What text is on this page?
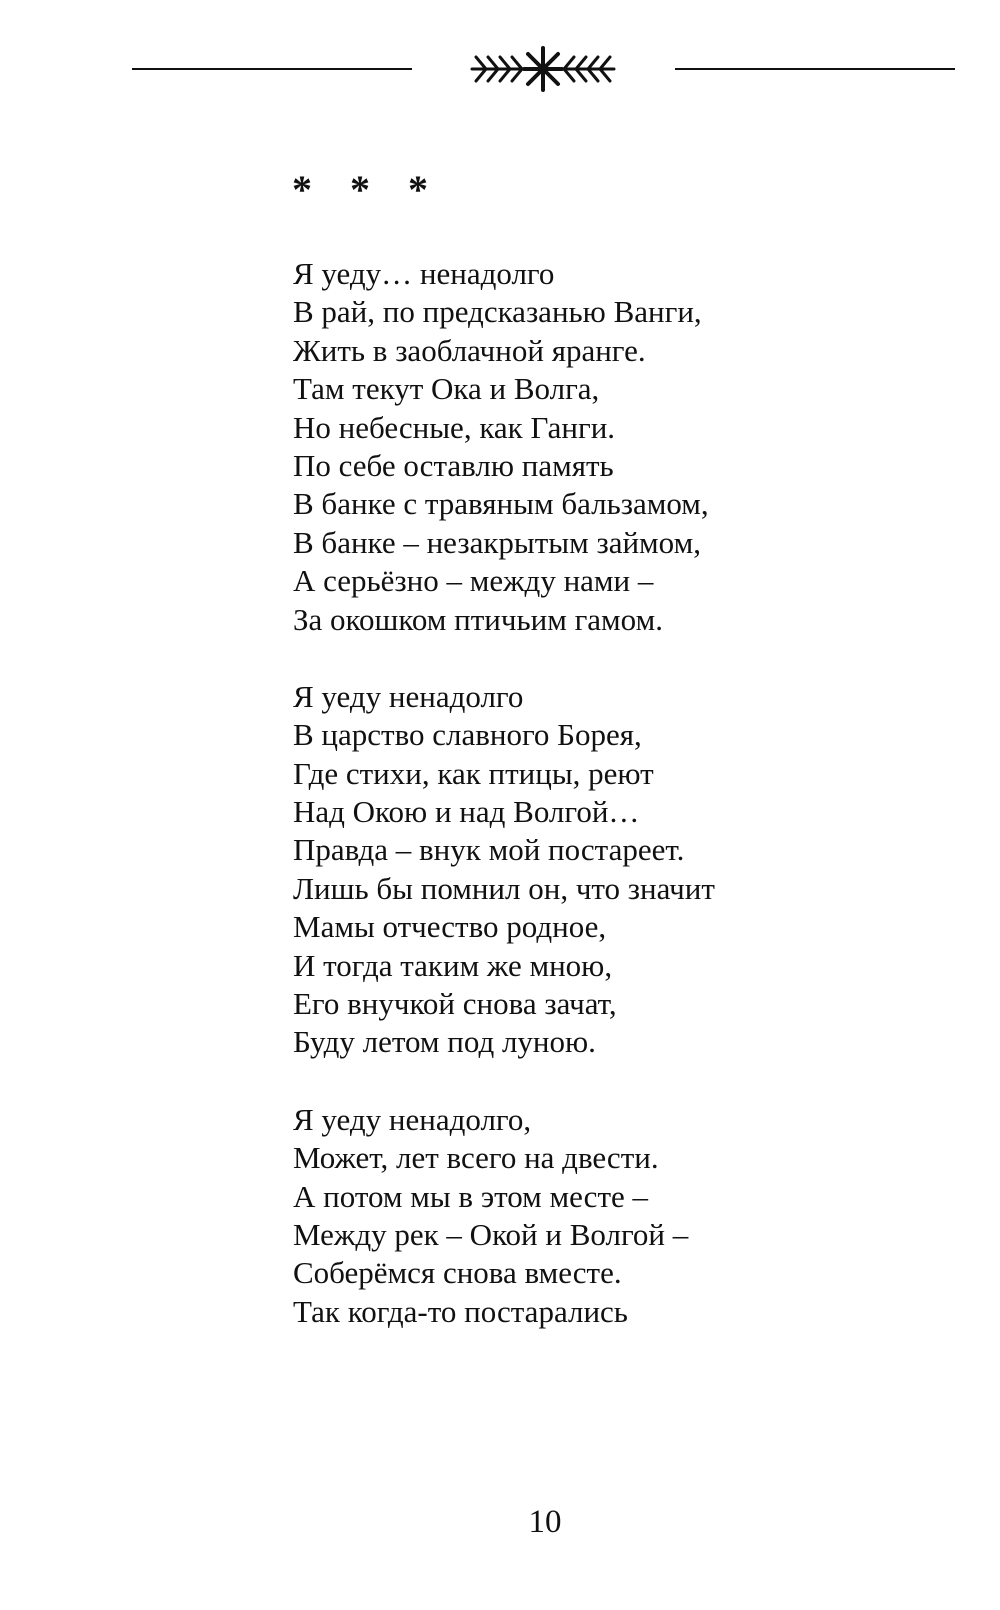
* * *
Я уеду… ненадолго
В рай, по предсказанью Ванги,
Жить в заоблачной яранге.
Там текут Ока и Волга,
Но небесные, как Ганги.
По себе оставлю память
В банке с травяным бальзамом,
В банке – незакрытым займом,
А серьёзно – между нами –
За окошком птичьим гамом.
Я уеду ненадолго
В царство славного Борея,
Где стихи, как птицы, реют
Над Окою и над Волгой…
Правда – внук мой постареет.
Лишь бы помнил он, что значит
Мамы отчество родное,
И тогда таким же мною,
Его внучкой снова зачат,
Буду летом под луною.
Я уеду ненадолго,
Может, лет всего на двести.
А потом мы в этом месте –
Между рек – Окой и Волгой –
Соберёмся снова вместе.
Так когда-то постарались
10
